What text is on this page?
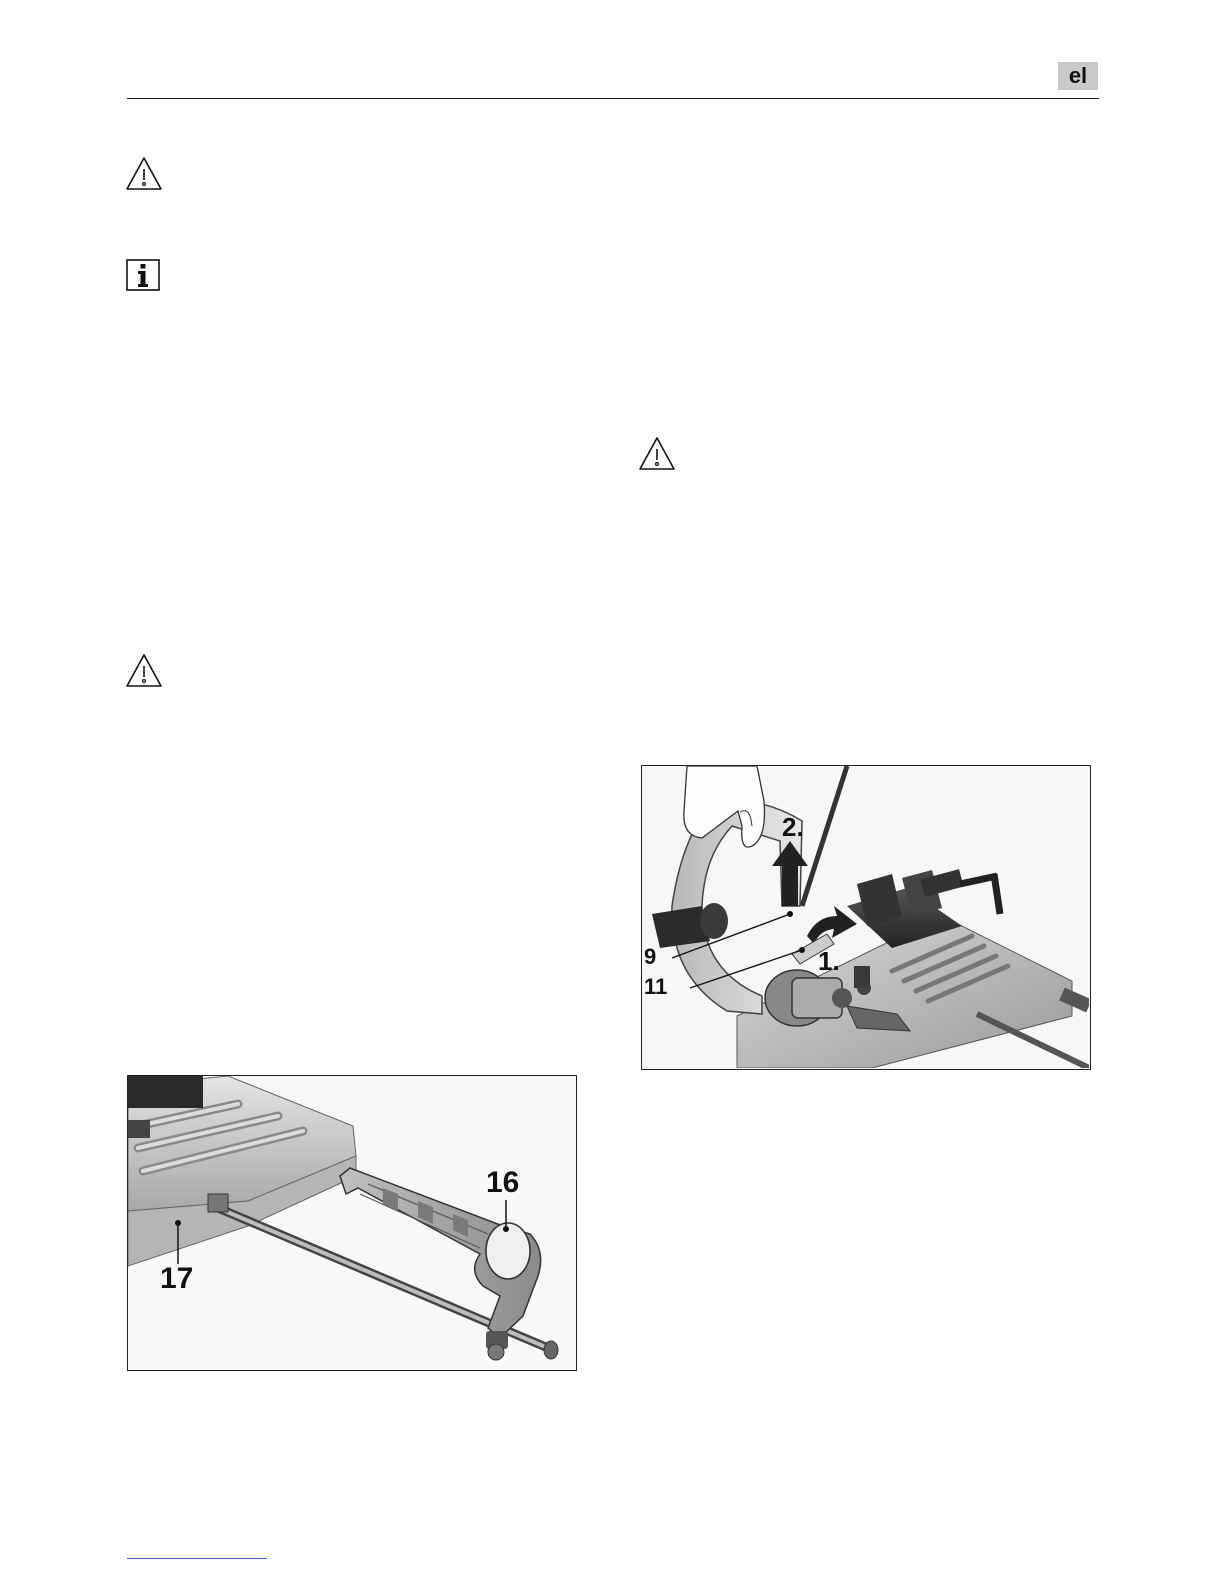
el
2.
1.
9
11
16
17
